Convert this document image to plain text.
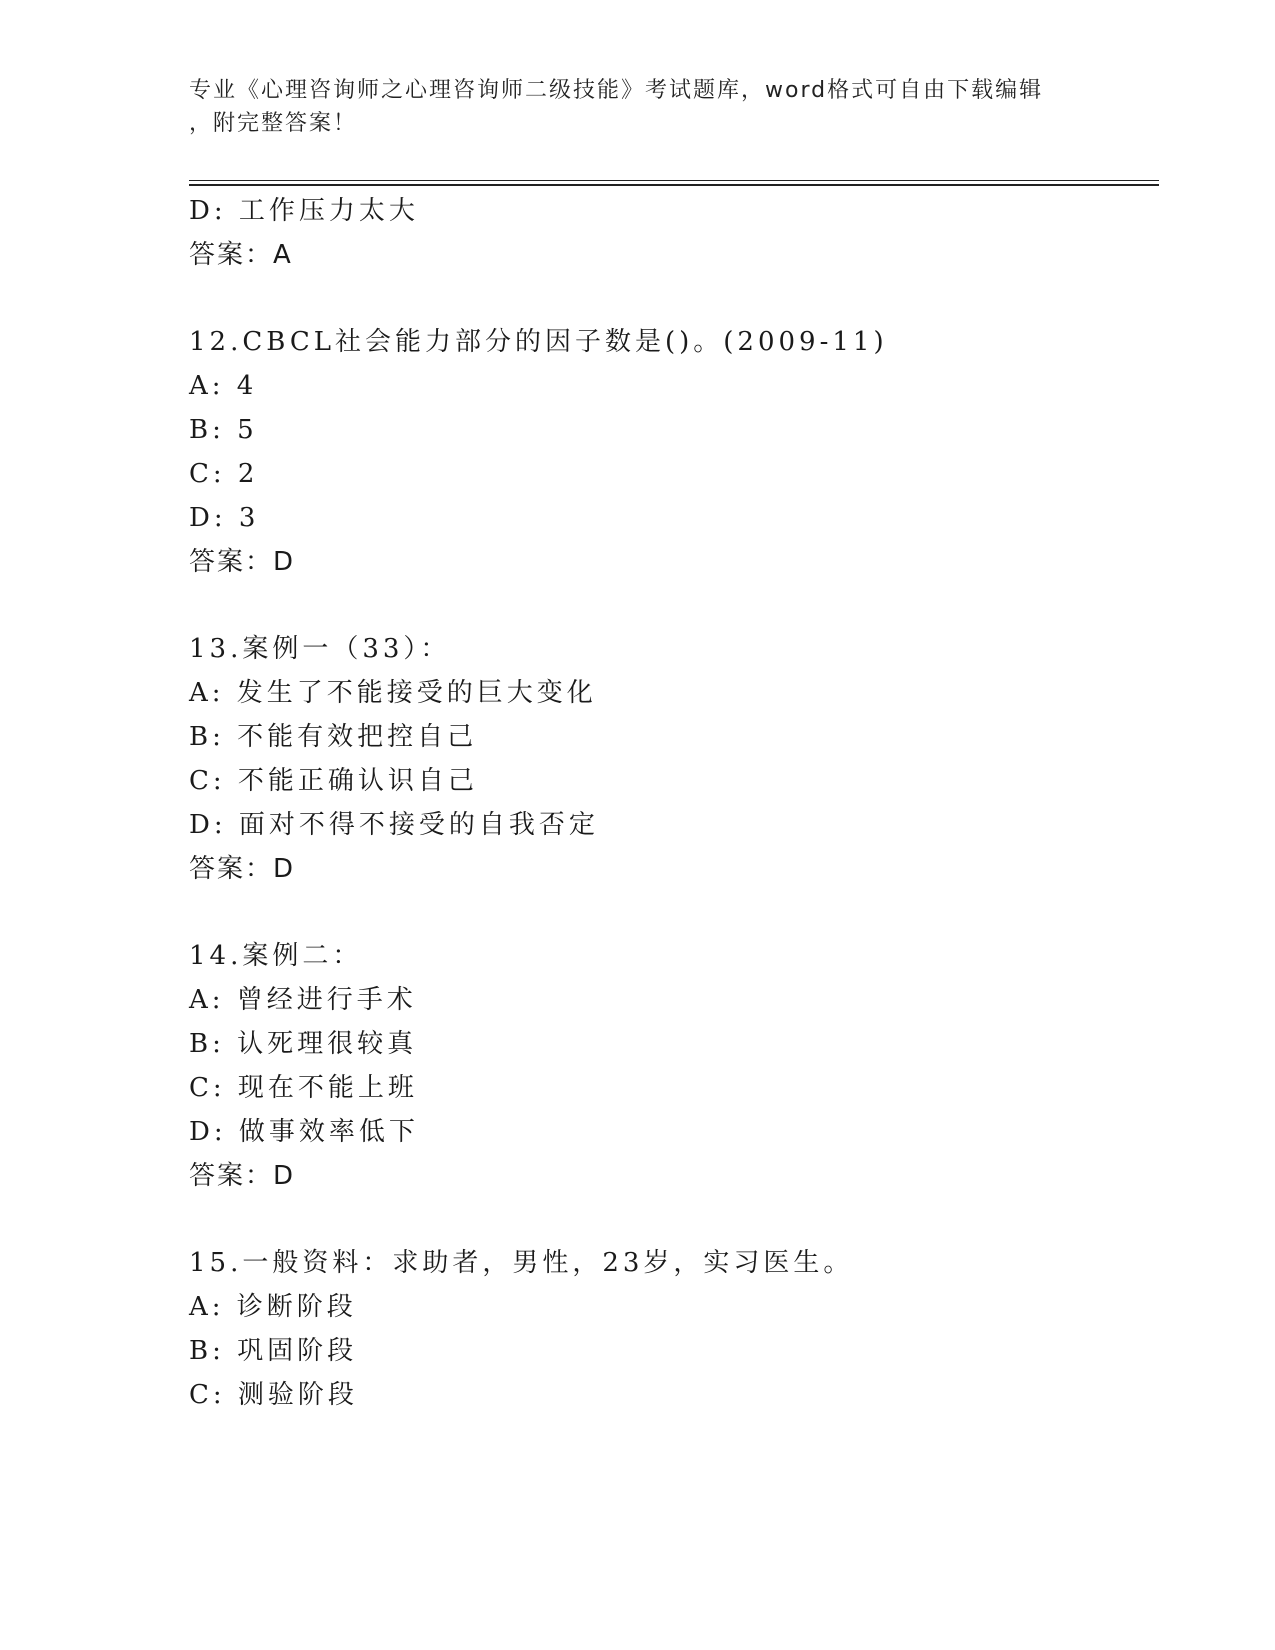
专业《心理咨询师之心理咨询师二级技能》考试题库，word格式可自由下载编辑
，附完整答案！
D: 工作压力太大
答案：A
12.CBCL社会能力部分的因子数是()。(2009-11)
A: 4
B: 5
C: 2
D: 3
答案：D
13.案例一（33）：
A: 发生了不能接受的巨大变化
B: 不能有效把控自己
C: 不能正确认识自己
D: 面对不得不接受的自我否定
答案：D
14.案例二：
A: 曾经进行手术
B: 认死理很较真
C: 现在不能上班
D: 做事效率低下
答案：D
15.一般资料：求助者，男性，23岁，实习医生。
A: 诊断阶段
B: 巩固阶段
C: 测验阶段
